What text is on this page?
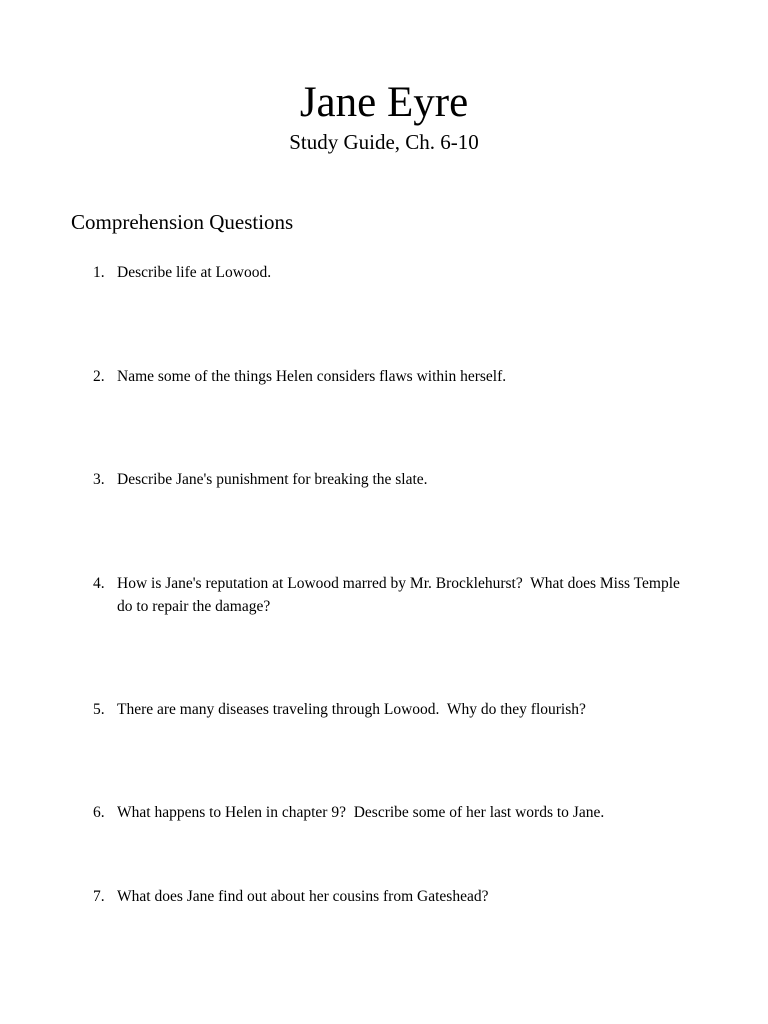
Jane Eyre
Study Guide, Ch. 6-10
Comprehension Questions
1. Describe life at Lowood.
2. Name some of the things Helen considers flaws within herself.
3. Describe Jane's punishment for breaking the slate.
4. How is Jane's reputation at Lowood marred by Mr. Brocklehurst?  What does Miss Temple do to repair the damage?
5. There are many diseases traveling through Lowood.  Why do they flourish?
6. What happens to Helen in chapter 9?  Describe some of her last words to Jane.
7. What does Jane find out about her cousins from Gateshead?
